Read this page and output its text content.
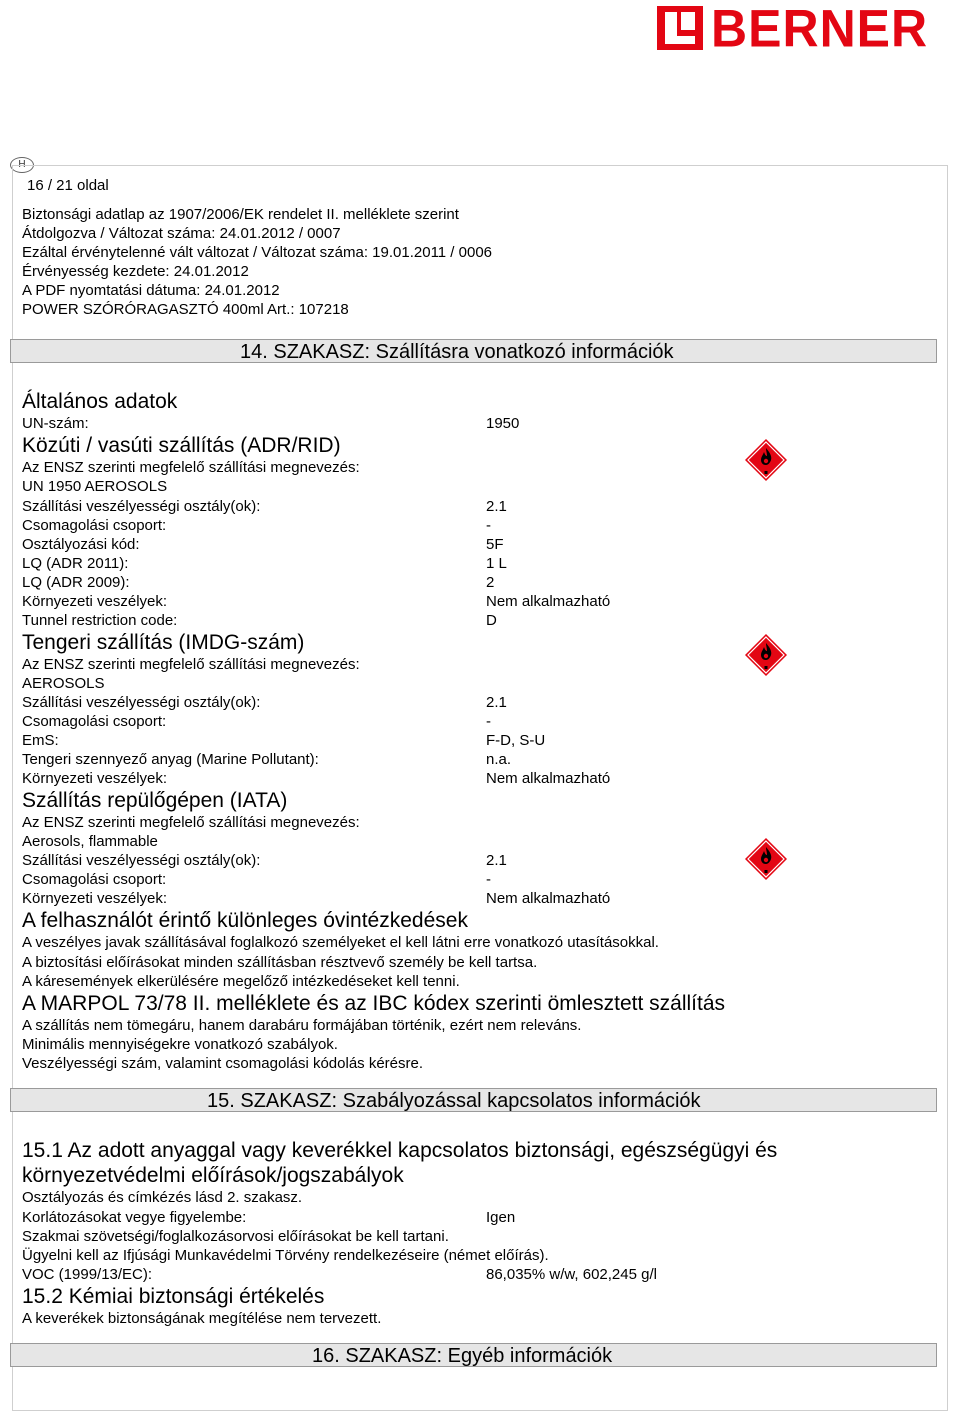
BERNER
H
16 / 21 oldal
Biztonsági adatlap az 1907/2006/EK rendelet II. melléklete szerint
Átdolgozva / Változat száma: 24.01.2012 / 0007
Ezáltal érvénytelenné vált változat / Változat száma: 19.01.2011 / 0006
Érvényesség kezdete: 24.01.2012
A PDF nyomtatási dátuma: 24.01.2012
POWER SZÓRÓRAGASZTÓ 400ml Art.: 107218
14. SZAKASZ: Szállításra vonatkozó információk
Általános adatok
UN-szám:	1950
Közúti / vasúti szállítás (ADR/RID)
Az ENSZ szerinti megfelelő szállítási megnevezés:
UN 1950 AEROSOLS
Szállítási veszélyességi osztály(ok):	2.1
Csomagolási csoport:	-
Osztályozási kód:	5F
LQ (ADR 2011):	1 L
LQ (ADR 2009):	2
Környezeti veszélyek:	Nem alkalmazható
Tunnel restriction code:	D
Tengeri szállítás (IMDG-szám)
Az ENSZ szerinti megfelelő szállítási megnevezés:
AEROSOLS
Szállítási veszélyességi osztály(ok):	2.1
Csomagolási csoport:	-
EmS:	F-D, S-U
Tengeri szennyező anyag (Marine Pollutant):	n.a.
Környezeti veszélyek:	Nem alkalmazható
Szállítás repülőgépen (IATA)
Az ENSZ szerinti megfelelő szállítási megnevezés:
Aerosols, flammable
Szállítási veszélyességi osztály(ok):	2.1
Csomagolási csoport:	-
Környezeti veszélyek:	Nem alkalmazható
A felhasználót érintő különleges óvintézkedések
A veszélyes javak szállításával foglalkozó személyeket el kell látni erre vonatkozó utasításokkal.
A biztosítási előírásokat minden szállításban résztvevő személy be kell tartsa.
A káresemények elkerülésére megelőző intézkedéseket kell tenni.
A MARPOL 73/78 II. melléklete és az IBC kódex szerinti ömlesztett szállítás
A szállítás nem tömegáru, hanem darabáru formájában történik, ezért nem releváns.
Minimális mennyiségekre vonatkozó szabályok.
Veszélyességi szám, valamint csomagolási kódolás kérésre.
15. SZAKASZ: Szabályozással kapcsolatos információk
15.1 Az adott anyaggal vagy keverékkel kapcsolatos biztonsági, egészségügyi és
környezetvédelmi előírások/jogszabályok
Osztályozás és címkézés lásd 2. szakasz.
Korlátozásokat vegye figyelembe:	Igen
Szakmai szövetségi/foglalkozásorvosi előírásokat be kell tartani.
Ügyelni kell az Ifjúsági Munkavédelmi Törvény rendelkezéseire (német előírás).
VOC (1999/13/EC):	86,035% w/w, 602,245 g/l
15.2 Kémiai biztonsági értékelés
A keverékek biztonságának megítélése nem tervezett.
16. SZAKASZ: Egyéb információk
